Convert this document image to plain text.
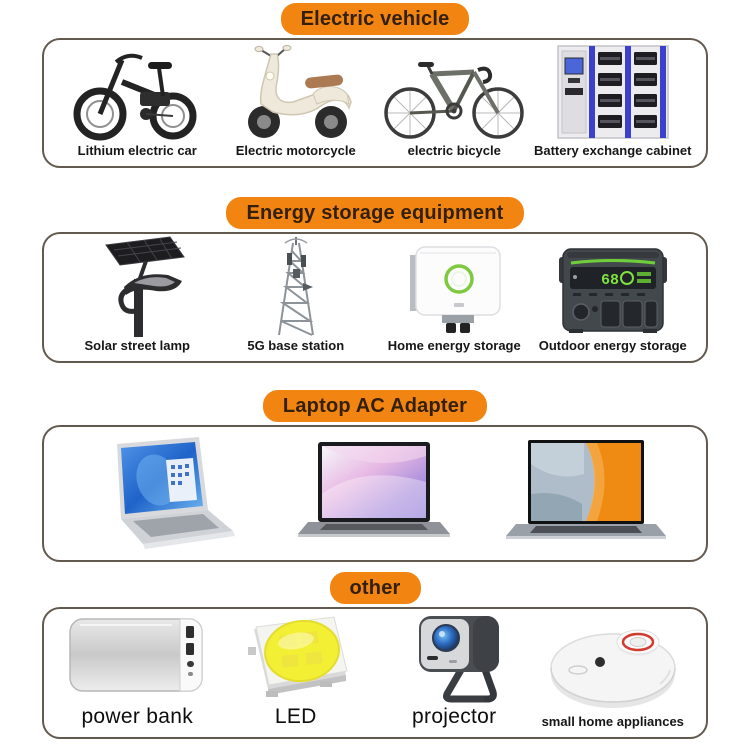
Electric vehicle
Lithium electric car	Electric motorcycle	electric bicycle	Battery exchange cabinet
Energy storage equipment
Solar street lamp	5G base station	Home energy storage
68
Outdoor energy storage
Laptop AC Adapter
other
power bank	LED	projector	small home appliances
